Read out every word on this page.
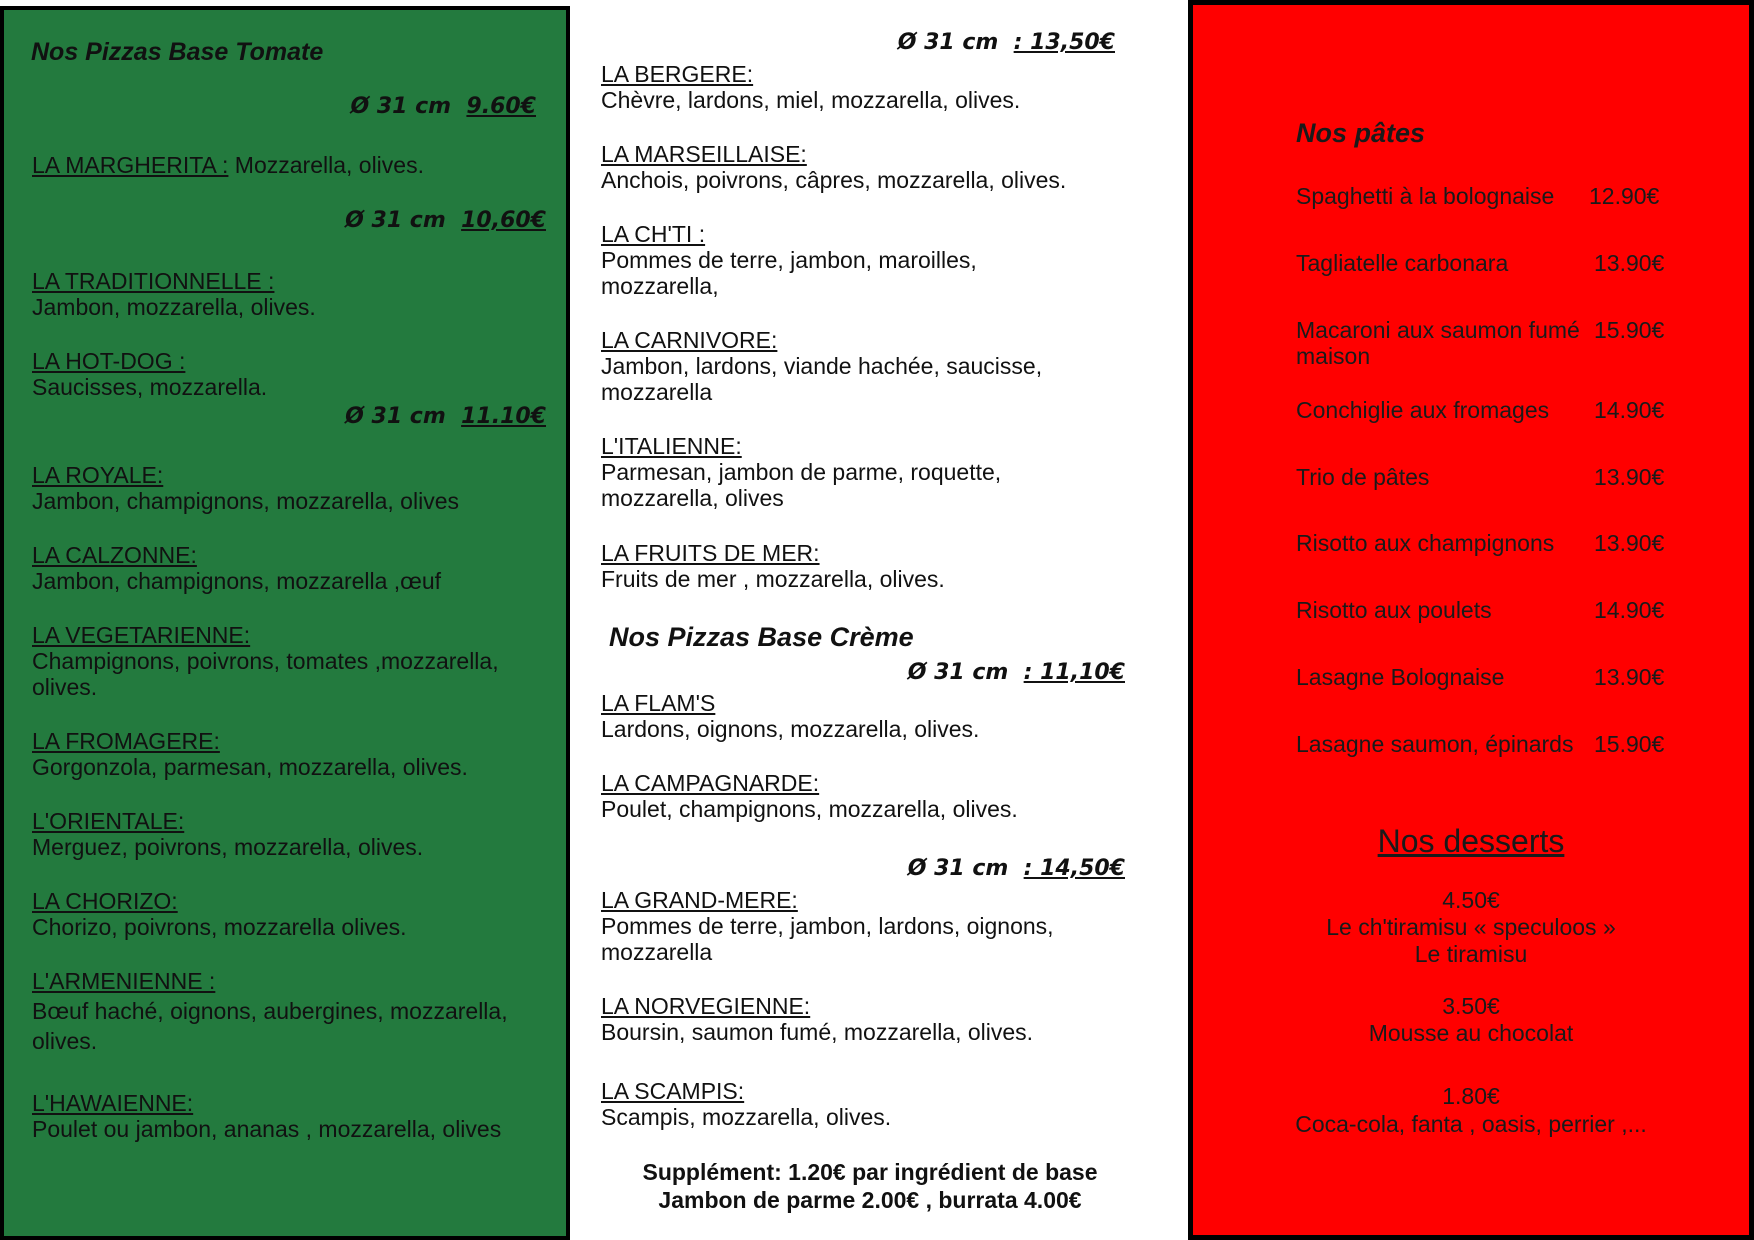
Nos Pizzas Base Tomate
Ø 31 cm 9.60€
LA MARGHERITA : Mozzarella, olives.
Ø 31 cm 10,60€
LA TRADITIONNELLE :
Jambon, mozzarella, olives.
LA HOT-DOG :
Saucisses, mozzarella.
Ø 31 cm 11.10€
LA ROYALE:
Jambon, champignons, mozzarella, olives
LA CALZONNE:
Jambon, champignons, mozzarella ,œuf
LA VEGETARIENNE:
Champignons, poivrons, tomates ,mozzarella, olives.
LA FROMAGERE:
Gorgonzola, parmesan, mozzarella, olives.
L'ORIENTALE:
Merguez, poivrons, mozzarella, olives.
LA CHORIZO:
Chorizo, poivrons, mozzarella olives.
L'ARMENIENNE :
Bœuf haché, oignons, aubergines, mozzarella, olives.
L'HAWAIENNE:
Poulet ou jambon, ananas , mozzarella, olives
Ø 31 cm : 13,50€
LA BERGERE:
Chèvre, lardons, miel, mozzarella, olives.
LA MARSEILLAISE:
Anchois, poivrons, câpres, mozzarella, olives.
LA CH'TI :
Pommes de terre, jambon, maroilles, mozzarella,
LA CARNIVORE:
Jambon, lardons, viande hachée, saucisse, mozzarella
L'ITALIENNE:
Parmesan, jambon de parme, roquette, mozzarella, olives
LA FRUITS DE MER:
Fruits de mer , mozzarella, olives.
Nos Pizzas Base Crème
Ø 31 cm : 11,10€
LA FLAM'S
Lardons, oignons, mozzarella, olives.
LA CAMPAGNARDE:
Poulet, champignons, mozzarella, olives.
Ø 31 cm : 14,50€
LA GRAND-MERE:
Pommes de terre, jambon, lardons, oignons, mozzarella
LA NORVEGIENNE:
Boursin, saumon fumé, mozzarella, olives.
LA SCAMPIS:
Scampis, mozzarella, olives.
Supplément: 1.20€ par ingrédient de base
Jambon de parme 2.00€ , burrata 4.00€
Nos pâtes
Spaghetti à la bolognaise 12.90€
Tagliatelle carbonara	13.90€
Macaroni aux saumon fumé maison
15.90€
Conchiglie aux fromages 14.90€
Trio de pâtes	13.90€
Risotto aux champignons 13.90€
Risotto aux poulets	14.90€
Lasagne Bolognaise	13.90€
Lasagne saumon, épinards 15.90€
Nos desserts
4.50€
Le ch'tiramisu « speculoos »
Le tiramisu
3.50€
Mousse au chocolat
1.80€
Coca-cola, fanta , oasis, perrier ,...
